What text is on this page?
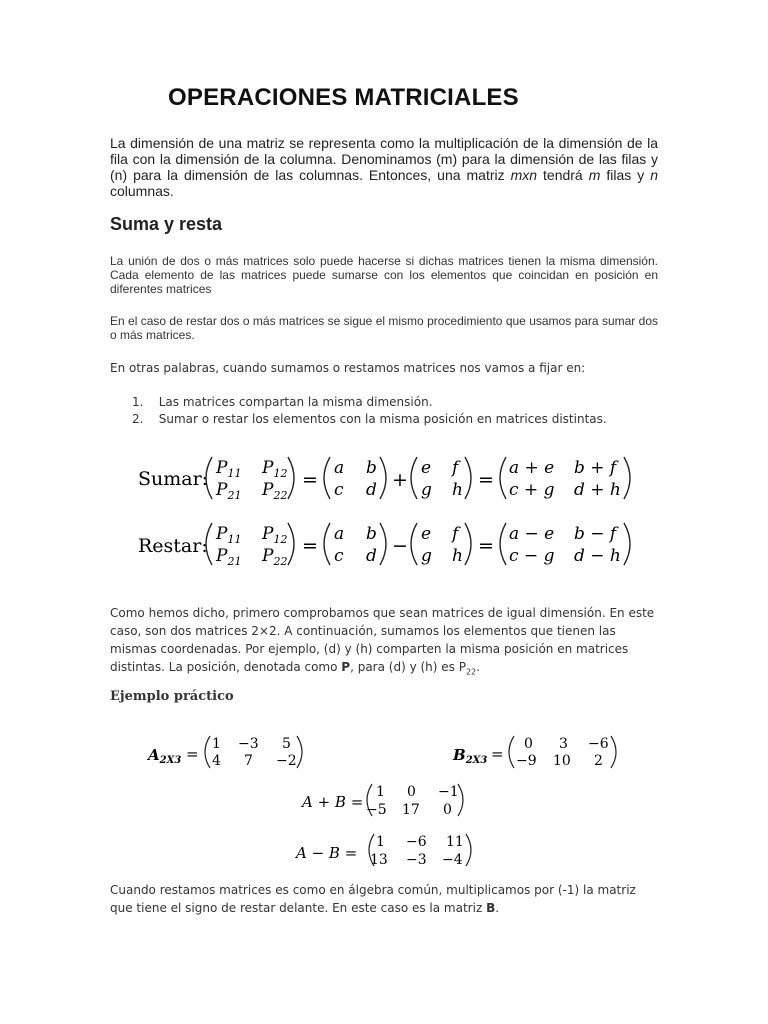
OPERACIONES MATRICIALES
La dimensión de una matriz se representa como la multiplicación de la dimensión de la fila con la dimensión de la columna. Denominamos (m) para la dimensión de las filas y (n) para la dimensión de las columnas. Entonces, una matriz mxn tendrá m filas y n columnas.
Suma y resta
La unión de dos o más matrices solo puede hacerse si dichas matrices tienen la misma dimensión. Cada elemento de las matrices puede sumarse con los elementos que coincidan en posición en diferentes matrices
En el caso de restar dos o más matrices se sigue el mismo procedimiento que usamos para sumar dos o más matrices.
En otras palabras, cuando sumamos o restamos matrices nos vamos a fijar en:
1. Las matrices compartan la misma dimensión.
2. Sumar o restar los elementos con la misma posición en matrices distintas.
Sumar: $P_{11}$ $P_{12}$
$P_{21}$ $P_{22}$
=
a b
c d +
e f
g h =
a + e b + f
c + g d + h
Restar:
$P_{11}$ $P_{12}$
$P_{21}$ $P_{22}$
=
a b
c d −
e f
g h =
a − e b − f
c − g d − h
Como hemos dicho, primero comprobamos que sean matrices de igual dimensión. En este caso, son dos matrices 2×2. A continuación, sumamos los elementos que tienen las mismas coordenadas. Por ejemplo, (d) y (h) comparten la misma posición en matrices distintas. La posición, denotada como P, para (d) y (h) es $P_{22}$.
Ejemplo práctico
$A_{2X3}$ =
1 −3 5
4 7 −2	$B_{2X3}$ =
0 3 −6
−9 10 2
A + B =
1 0 −1
−5 17 0
A − B =
1 −6 11
13 −3 −4
Cuando restamos matrices es como en álgebra común, multiplicamos por (-1) la matriz que tiene el signo de restar delante. En este caso es la matriz B.
